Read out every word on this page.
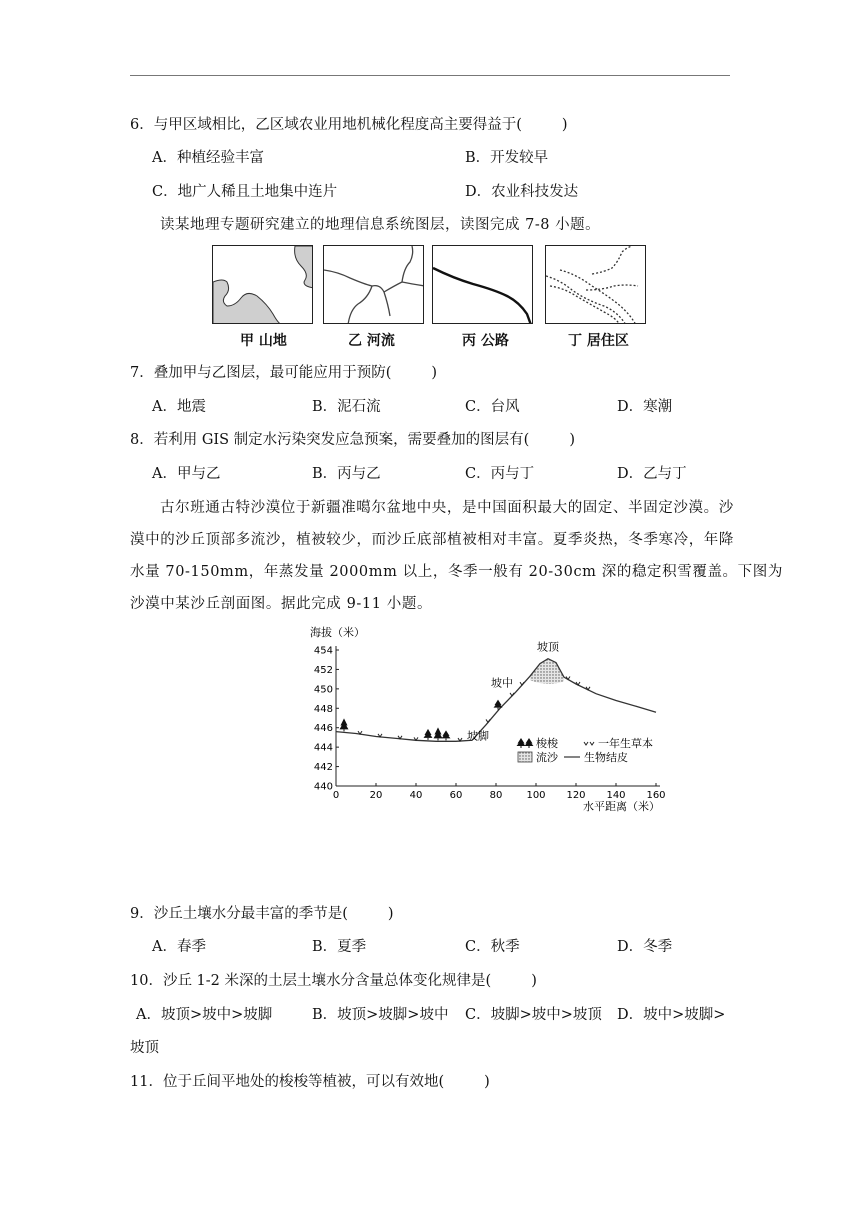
6．与甲区域相比，乙区域农业用地机械化程度高主要得益于(	)
A．种植经验丰富	B．开发较早
C．地广人稀且土地集中连片	D．农业科技发达
读某地理专题研究建立的地理信息系统图层，读图完成 7-8 小题。
甲 山地	乙 河流	丙 公路	丁 居住区
7．叠加甲与乙图层，最可能应用于预防(	)
A．地震	B．泥石流	C．台风	D．寒潮
8．若利用 GIS 制定水污染突发应急预案，需要叠加的图层有(	)
A．甲与乙	B．丙与乙	C．丙与丁	D．乙与丁
古尔班通古特沙漠位于新疆准噶尔盆地中央，是中国面积最大的固定、半固定沙漠。沙
漠中的沙丘顶部多流沙，植被较少，而沙丘底部植被相对丰富。夏季炎热，冬季寒冷，年降
水量 70-150mm，年蒸发量 2000mm 以上，冬季一般有 20-30cm 深的稳定积雪覆盖。下图为
沙漠中某沙丘剖面图。据此完成 9-11 小题。
海拔（米）
水平距离（米）
0	20	40	60	80 100 120 140 160
440
442
444
446
448
450
452
454	坡顶
坡中
坡脚
梭梭	一年生草本
流沙 生物结皮
9．沙丘土壤水分最丰富的季节是(	)
A．春季	B．夏季	C．秋季	D．冬季
10．沙丘 1-2 米深的土层土壤水分含量总体变化规律是(	)
A．坡顶>坡中>坡脚	B．坡顶>坡脚>坡中 C．坡脚>坡中>坡顶 D．坡中>坡脚>
坡顶
11．位于丘间平地处的梭梭等植被，可以有效地(	)
